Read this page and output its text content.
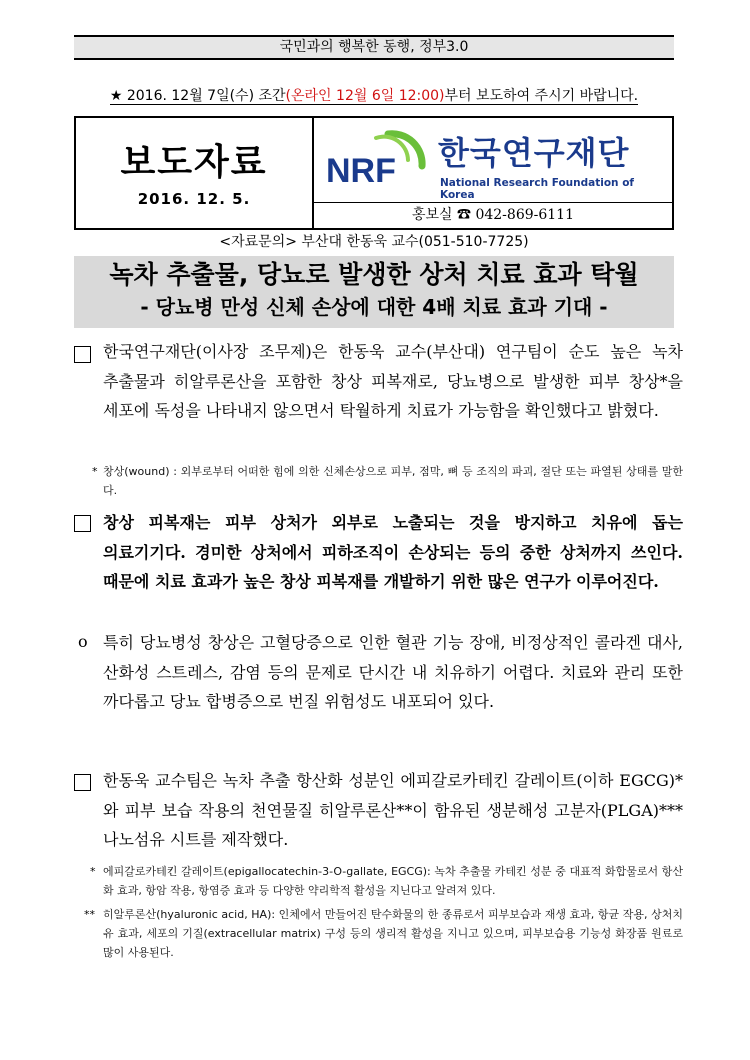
국민과의 행복한 동행, 정부3.0
★ 2016. 12월 7일(수) 조간(온라인 12월 6일 12:00)부터 보도하여 주시기 바랍니다.
보도자료
2016. 12. 5.
NRF 한국연구재단
National Research Foundation of Korea
홍보실 ☎ 042-869-6111
<자료문의> 부산대 한동욱 교수(051-510-7725)
녹차 추출물, 당뇨로 발생한 상처 치료 효과 탁월
- 당뇨병 만성 신체 손상에 대한 4배 치료 효과 기대 -
한국연구재단(이사장 조무제)은 한동욱 교수(부산대) 연구팀이 순도 높은 녹차 추출물과 히알루론산을 포함한 창상 피복재로, 당뇨병으로 발생한 피부 창상*을 세포에 독성을 나타내지 않으면서 탁월하게 치료가 가능함을 확인했다고 밝혔다.
* 창상(wound) : 외부로부터 어떠한 힘에 의한 신체손상으로 피부, 점막, 뼈 등 조직의 파괴, 절단 또는 파열된 상태를 말한다.
창상 피복재는 피부 상처가 외부로 노출되는 것을 방지하고 치유에 돕는 의료기기다. 경미한 상처에서 피하조직이 손상되는 등의 중한 상처까지 쓰인다. 때문에 치료 효과가 높은 창상 피복재를 개발하기 위한 많은 연구가 이루어진다.
o 특히 당뇨병성 창상은 고혈당증으로 인한 혈관 기능 장애, 비정상적인 콜라겐 대사, 산화성 스트레스, 감염 등의 문제로 단시간 내 치유하기 어렵다. 치료와 관리 또한 까다롭고 당뇨 합병증으로 번질 위험성도 내포되어 있다.
한동욱 교수팀은 녹차 추출 항산화 성분인 에피갈로카테킨 갈레이트(이하 EGCG)*와 피부 보습 작용의 천연물질 히알루론산**이 함유된 생분해성 고분자(PLGA)*** 나노섬유 시트를 제작했다.
* 에피갈로카테킨 갈레이트(epigallocatechin-3-O-gallate, EGCG): 녹차 추출물 카테킨 성분 중 대표적 화합물로서 항산화 효과, 항암 작용, 항염증 효과 등 다양한 약리학적 활성을 지닌다고 알려져 있다.
** 히알루론산(hyaluronic acid, HA): 인체에서 만들어진 탄수화물의 한 종류로서 피부보습과 재생 효과, 항균 작용, 상처치유 효과, 세포의 기질(extracellular matrix) 구성 등의 생리적 활성을 지니고 있으며, 피부보습용 기능성 화장품 원료로 많이 사용된다.
